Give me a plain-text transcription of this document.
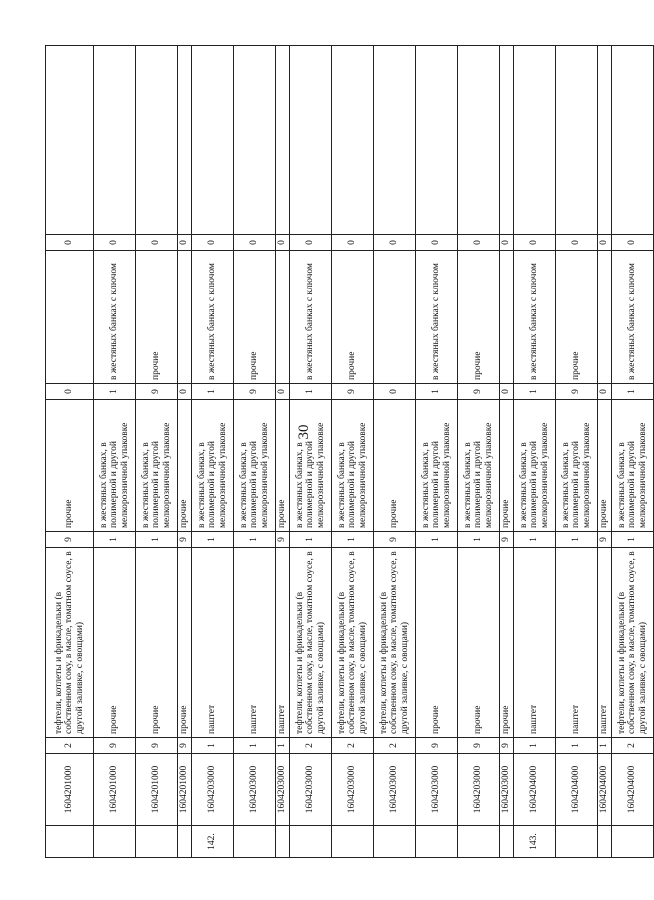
30
	1604201000	2	тефтели, котлеты и фрикадельки (в собственном соку, в масле, томатном соусе, в другой заливке, с овощами)	9	прочие	0		0	
	1604201000	9	прочие	1	в жестяных банках, в полимерной и другой мелкорозничной упаковке	1	в жестяных банках с ключом	0	
	1604201000	9	прочие	1	в жестяных банках, в полимерной и другой мелкорозничной упаковке	9	прочие	0	
	1604201000	9	прочие	9	прочие	0		0	
142.	1604203000	1	паштет	1	в жестяных банках, в полимерной и другой мелкорозничной упаковке	1	в жестяных банках с ключом	0	
	1604203000	1	паштет	1	в жестяных банках, в полимерной и другой мелкорозничной упаковке	9	прочие	0	
	1604203000	1	паштет	9	прочие	0		0	
	1604203000	2	тефтели, котлеты и фрикадельки (в собственном соку, в масле, томатном соусе, в другой заливке, с овощами)	1	в жестяных банках, в полимерной и другой мелкорозничной упаковке	1	в жестяных банках с ключом	0	
	1604203000	2	тефтели, котлеты и фрикадельки (в собственном соку, в масле, томатном соусе, в другой заливке, с овощами)	1	в жестяных банках, в полимерной и другой мелкорозничной упаковке	9	прочие	0	
	1604203000	2	тефтели, котлеты и фрикадельки (в собственном соку, в масле, томатном соусе, в другой заливке, с овощами)	9	прочие	0		0	
	1604203000	9	прочие	1	в жестяных банках, в полимерной и другой мелкорозничной упаковке	1	в жестяных банках с ключом	0	
	1604203000	9	прочие	1	в жестяных банках, в полимерной и другой мелкорозничной упаковке	9	прочие	0	
	1604203000	9	прочие	9	прочие	0		0	
143.	1604204000	1	паштет	1	в жестяных банках, в полимерной и другой мелкорозничной упаковке	1	в жестяных банках с ключом	0	
	1604204000	1	паштет	1	в жестяных банках, в полимерной и другой мелкорозничной упаковке	9	прочие	0	
	1604204000	1	паштет	9	прочие	0		0	
	1604204000	2	тефтели, котлеты и фрикадельки (в собственном соку, в масле, томатном соусе, в другой заливке, с овощами)	1	в жестяных банках, в полимерной и другой мелкорозничной упаковке	1	в жестяных банках с ключом	0	
